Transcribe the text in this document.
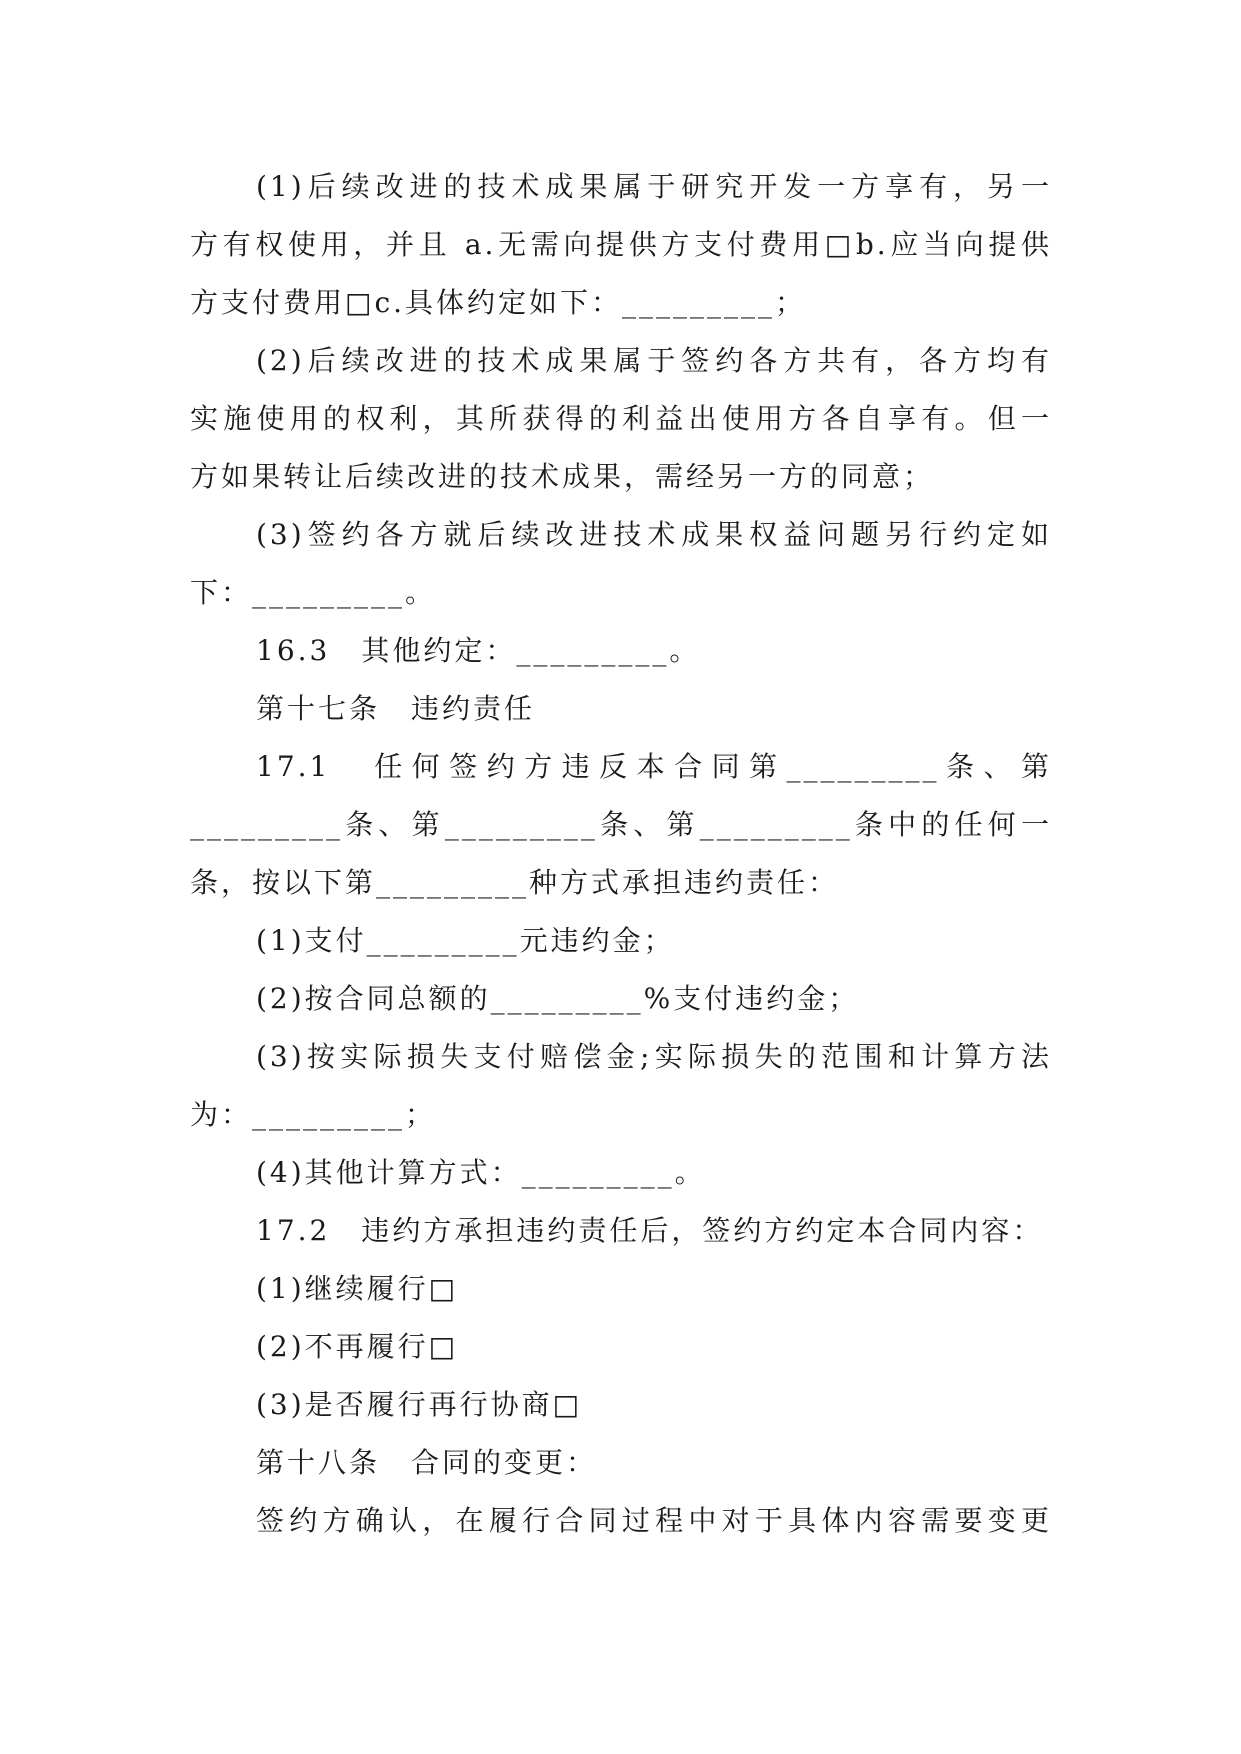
(1)后续改进的技术成果属于研究开发一方享有，另一

方有权使用，并且 a.无需向提供方支付费用□b.应当向提供

方支付费用□c.具体约定如下：_________；

(2)后续改进的技术成果属于签约各方共有，各方均有

实施使用的权利，其所获得的利益出使用方各自享有。但一

方如果转让后续改进的技术成果，需经另一方的同意；

(3)签约各方就后续改进技术成果权益问题另行约定如

下：_________。

16.3　其他约定：_________。

第十七条　违约责任

17.1　任何签约方违反本合同第_________条、第

_________条、第_________条、第_________条中的任何一

条，按以下第_________种方式承担违约责任：

(1)支付_________元违约金；

(2)按合同总额的_________%支付违约金；

(3)按实际损失支付赔偿金;实际损失的范围和计算方法

为：_________；

(4)其他计算方式：_________。

17.2　违约方承担违约责任后，签约方约定本合同内容：

(1)继续履行□

(2)不再履行□

(3)是否履行再行协商□

第十八条　合同的变更：

签约方确认，在履行合同过程中对于具体内容需要变更
